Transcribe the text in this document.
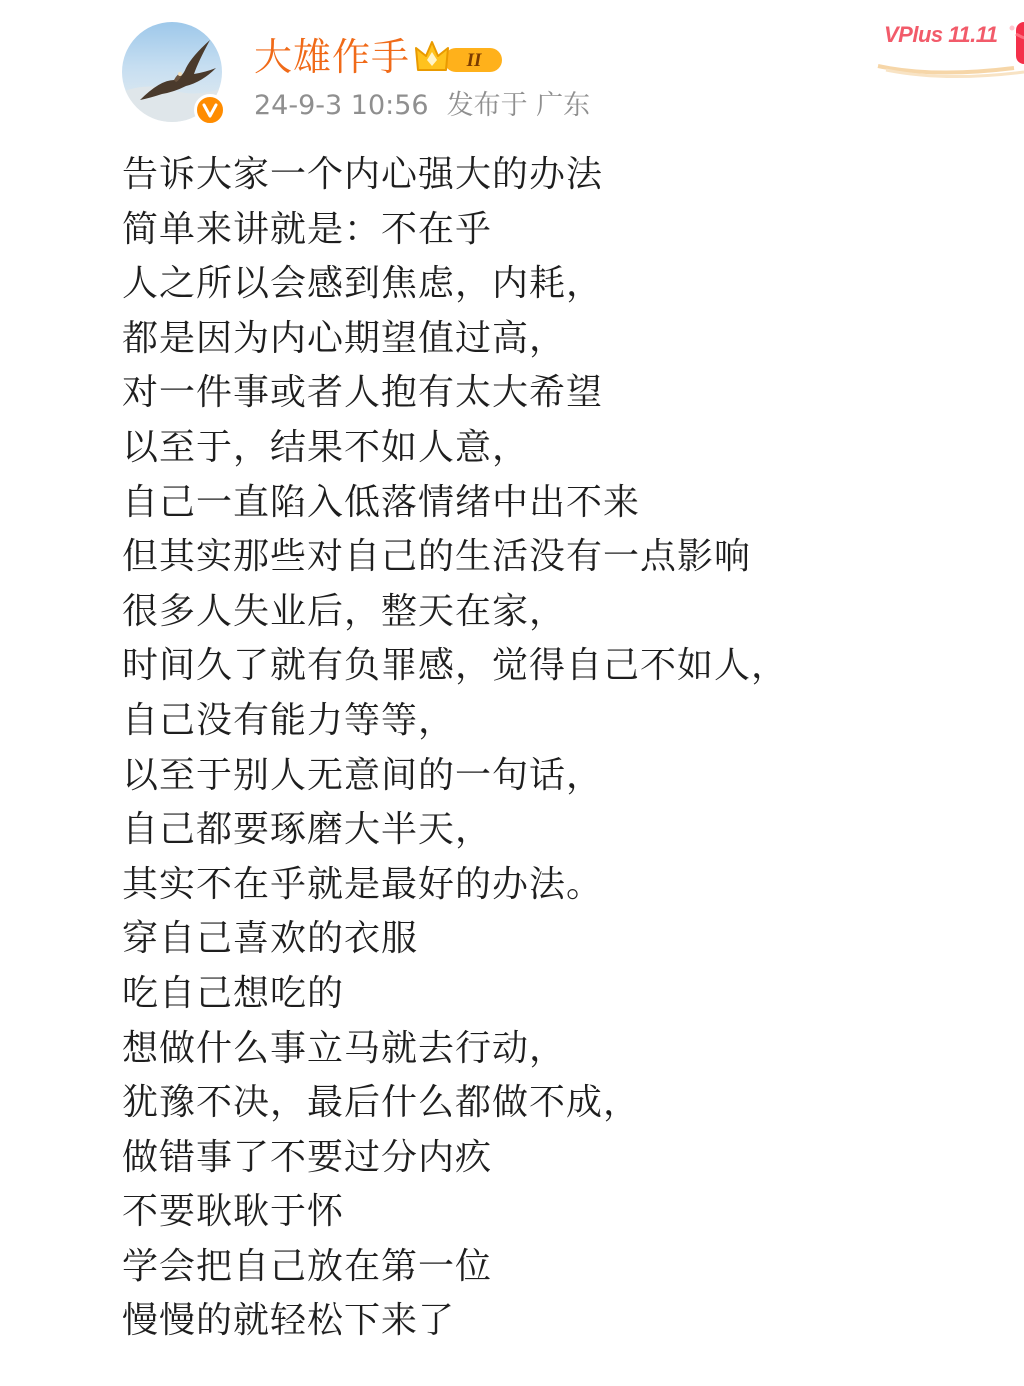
大雄作手	II
24-9-3 10:56 发布于 广东
VPlus 11.11
告诉大家一个内心强大的办法
简单来讲就是：不在乎
人之所以会感到焦虑，内耗，
都是因为内心期望值过高，
对一件事或者人抱有太大希望
以至于，结果不如人意，
自己一直陷入低落情绪中出不来
但其实那些对自己的生活没有一点影响
很多人失业后，整天在家，
时间久了就有负罪感，觉得自己不如人，
自己没有能力等等，
以至于别人无意间的一句话，
自己都要琢磨大半天，
其实不在乎就是最好的办法。
穿自己喜欢的衣服
吃自己想吃的
想做什么事立马就去行动，
犹豫不决，最后什么都做不成，
做错事了不要过分内疚
不要耿耿于怀
学会把自己放在第一位
慢慢的就轻松下来了
